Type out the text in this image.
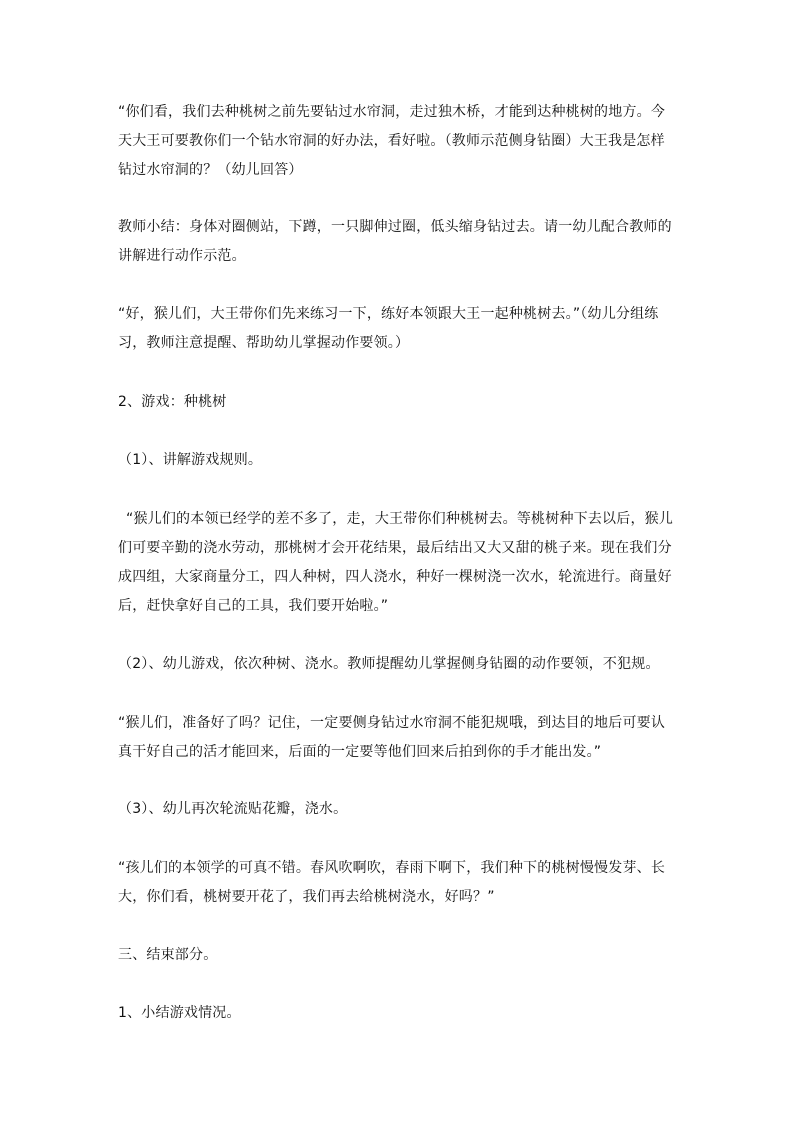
“你们看，我们去种桃树之前先要钻过水帘洞，走过独木桥，才能到达种桃树的地方。今天大王可要教你们一个钻水帘洞的好办法，看好啦。（教师示范侧身钻圈）大王我是怎样钻过水帘洞的？（幼儿回答）

教师小结：身体对圈侧站，下蹲，一只脚伸过圈，低头缩身钻过去。请一幼儿配合教师的讲解进行动作示范。

“好，猴儿们，大王带你们先来练习一下，练好本领跟大王一起种桃树去。”（幼儿分组练习，教师注意提醒、帮助幼儿掌握动作要领。）

2、游戏：种桃树

（1）、讲解游戏规则。

“猴儿们的本领已经学的差不多了，走，大王带你们种桃树去。等桃树种下去以后，猴儿们可要辛勤的浇水劳动，那桃树才会开花结果，最后结出又大又甜的桃子来。现在我们分成四组，大家商量分工，四人种树，四人浇水，种好一棵树浇一次水，轮流进行。商量好后，赶快拿好自己的工具，我们要开始啦。”

（2）、幼儿游戏，依次种树、浇水。教师提醒幼儿掌握侧身钻圈的动作要领，不犯规。

“猴儿们，准备好了吗？记住，一定要侧身钻过水帘洞不能犯规哦，到达目的地后可要认真干好自己的活才能回来，后面的一定要等他们回来后拍到你的手才能出发。”

（3）、幼儿再次轮流贴花瓣，浇水。

“孩儿们的本领学的可真不错。春风吹啊吹，春雨下啊下，我们种下的桃树慢慢发芽、长大，你们看，桃树要开花了，我们再去给桃树浇水，好吗？”

三、结束部分。

1、小结游戏情况。
